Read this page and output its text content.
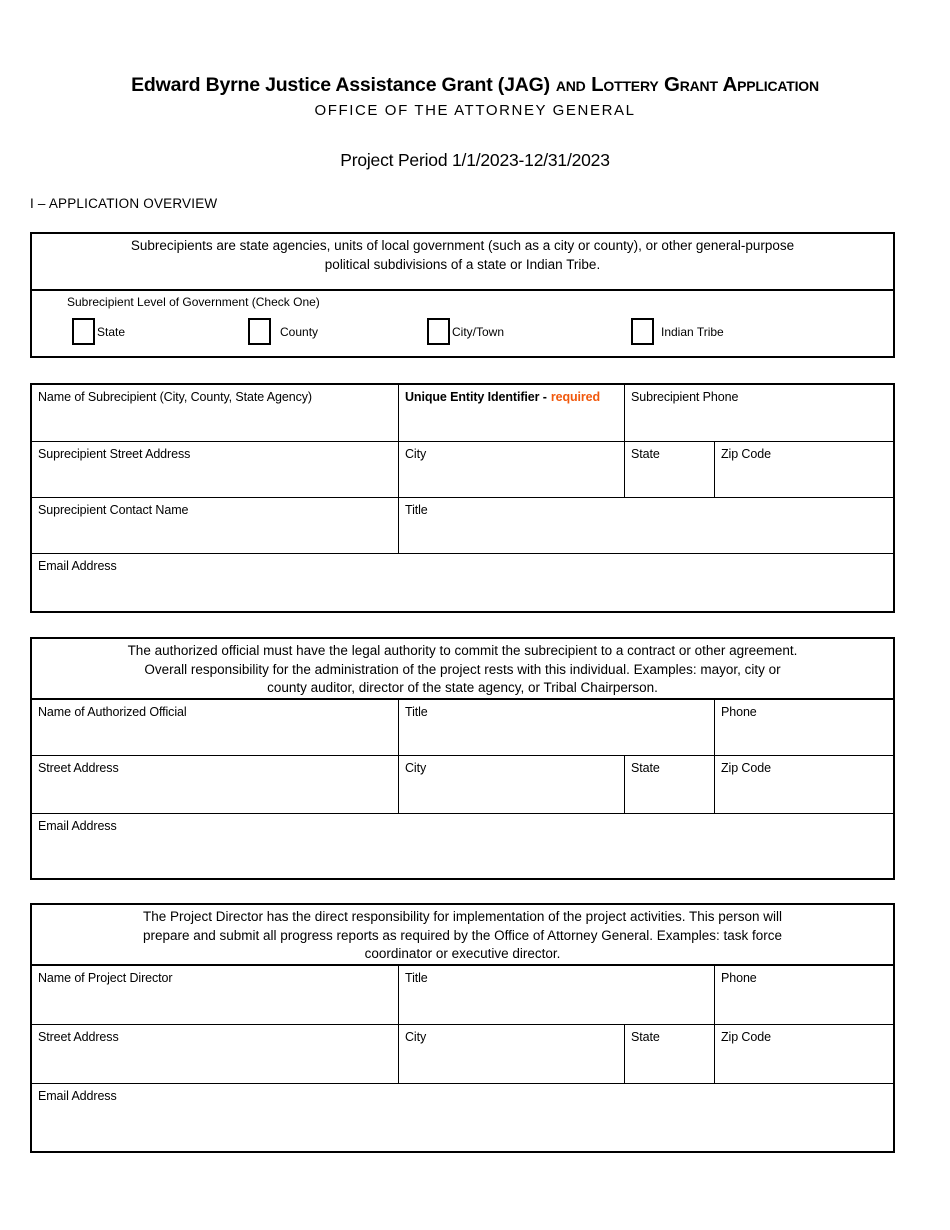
Edward Byrne Justice Assistance Grant (JAG) and Lottery Grant Application
OFFICE OF THE ATTORNEY GENERAL
Project Period 1/1/2023-12/31/2023
I – APPLICATION OVERVIEW
Subrecipients are state agencies, units of local government (such as a city or county), or other general-purpose
political subdivisions of a state or Indian Tribe.
Subrecipient Level of Government (Check One)
State	County	City/Town	Indian Tribe
Name of Subrecipient (City, County, State Agency)	Unique Entity Identifier - required	Subrecipient Phone
Suprecipient Street Address	City	State	Zip Code
Suprecipient Contact Name	Title
Email Address
The authorized official must have the legal authority to commit the subrecipient to a contract or other agreement.
Overall responsibility for the administration of the project rests with this individual. Examples: mayor, city or
county auditor, director of the state agency, or Tribal Chairperson.
Name of Authorized Official	Title	Phone
Street Address	City	State	Zip Code
Email Address
The Project Director has the direct responsibility for implementation of the project activities. This person will
prepare and submit all progress reports as required by the Office of Attorney General. Examples: task force
coordinator or executive director.
Name of Project Director	Title	Phone
Street Address	City	State	Zip Code
Email Address
